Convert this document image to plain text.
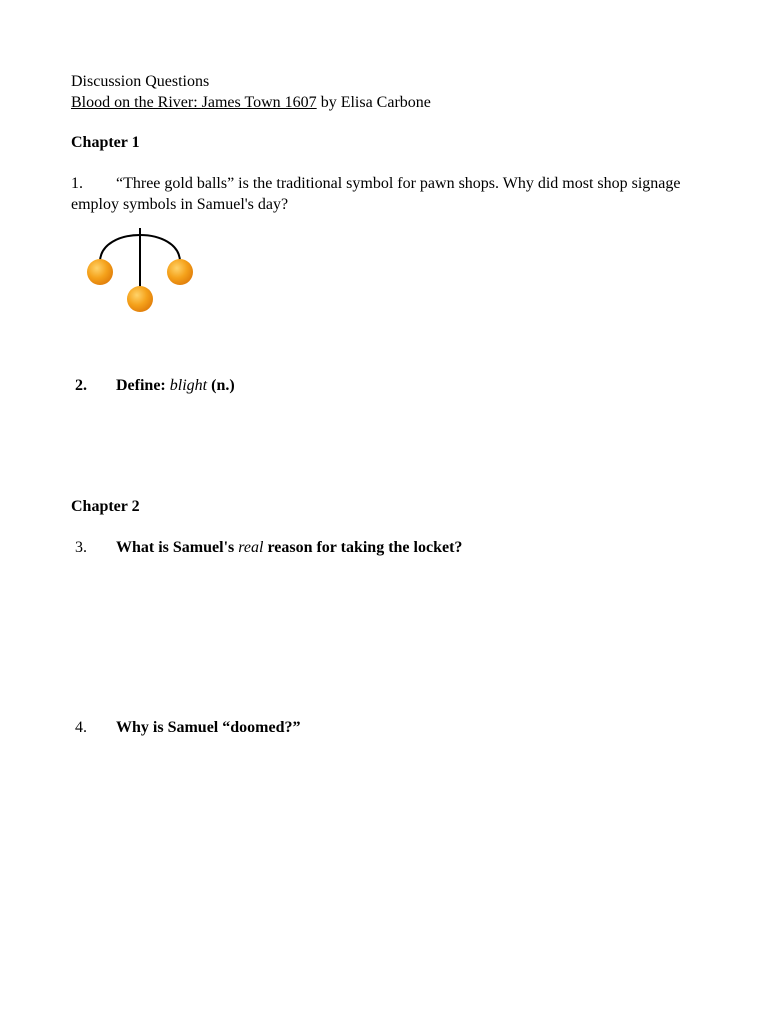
Discussion Questions
Blood on the River: James Town 1607 by Elisa Carbone
Chapter 1
1. “Three gold balls” is the traditional symbol for pawn shops. Why did most shop signage employ symbols in Samuel's day?
2. Define: blight (n.)
Chapter 2
3. What is Samuel's real reason for taking the locket?
4. Why is Samuel “doomed?”
